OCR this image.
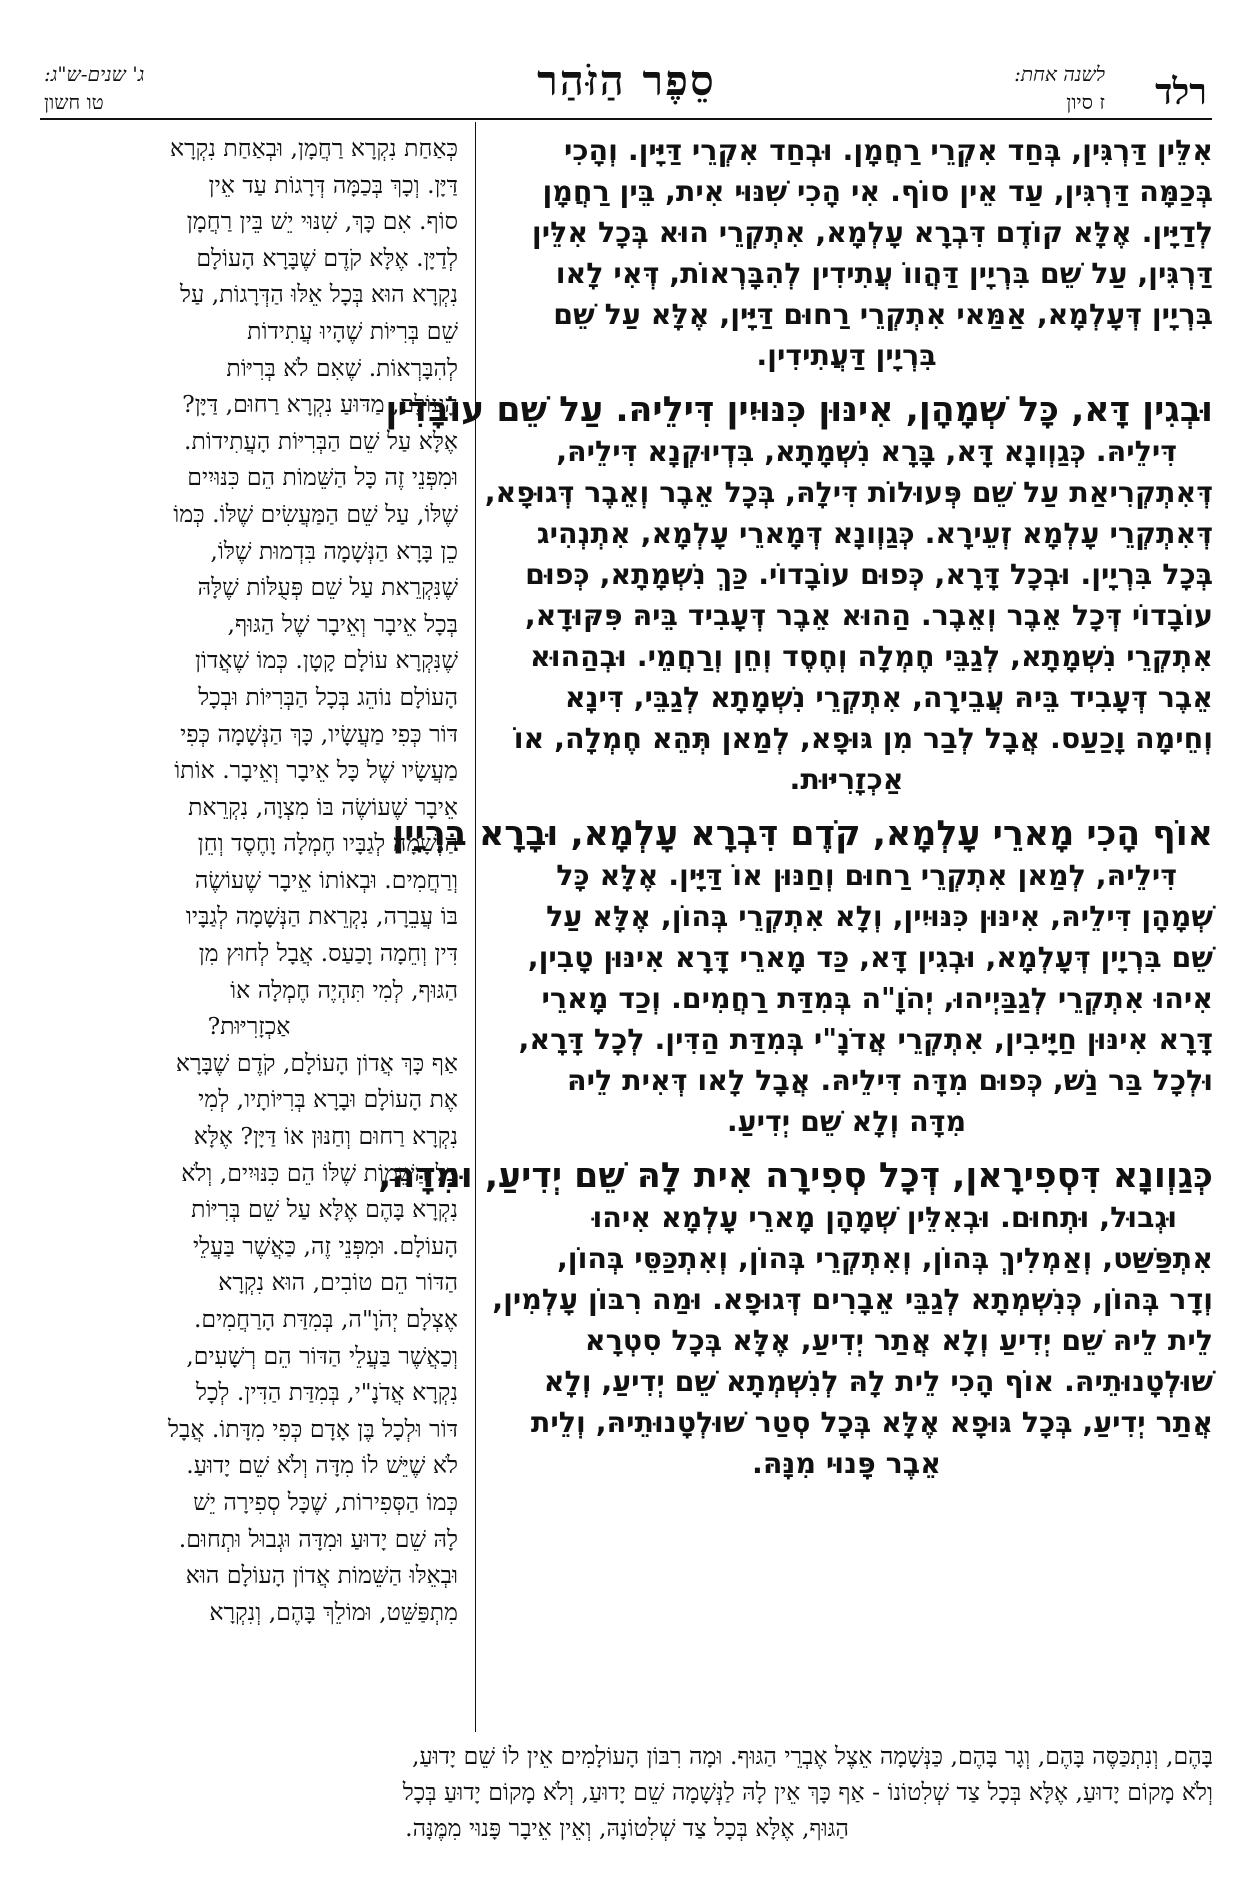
רלד
לשנה אחת:
ז סיון
סֵפֶר הַזֹּהַר
ג' שנים-ש"ג:
טו חשון
אִלֵּין דַּרְגִּין, בְּחַד אִקְרֵי רַחֲמָן. וּבְחַד אִקְרֵי דַּיָּין. וְהָכִי
בְּכַמָּה דַּרְגִּין, עַד אֵין סוֹף. אִי הָכִי שִׁנּוּי אִית, בֵּין רַחֲמָן
לְדַיָּין. אֶלָּא קוֹדֶם דִּבְרָא עָלְמָא, אִתְקְרֵי הוּא בְּכָל אִלֵּין
דַּרְגִּין, עַל שֵׁם בִּרְיָין דַּהֲווֹ עֲתִידִין לְהִבָּרְאוֹת, דְּאִי לָאו
בִּרְיָין דְּעָלְמָא, אַמַּאי אִתְקְרֵי רַחוּם דַּיָּין, אֶלָּא עַל שֵׁם
בִּרְיָין דַּעֲתִידִין.
וּבְגִין דָּא, כָּל שְׁמָהָן, אִינּוּן כִּנּוּיִין דִּילֵיהּ. עַל שֵׁם עוֹבָדִין
דִּילֵיהּ. כְּגַוְונָא דָּא, בָּרָא נִשְׁמָתָא, בִּדְיוּקְנָא דִּילֵיהּ,
דְּאִתְקְרִיאַת עַל שֵׁם פְּעוּלוֹת דִּילָהּ, בְּכָל אֵבֶר וְאֵבֶר דְּגוּפָא,
דְּאִתְקְרֵי עָלְמָא זְעֵירָא. כְּגַוְונָא דְּמָארֵי עָלְמָא, אִתְנְהִיג
בְּכָל בִּרְיָין. וּבְכָל דָּרָא, כְּפוּם עוֹבָדוֹי. כַּךְ נִשְׁמָתָא, כְּפוּם
עוֹבָדוֹי דְּכָל אֵבֶר וְאֵבֶר. הַהוּא אֵבֶר דְּעָבִיד בֵּיהּ פִּקּוּדָא,
אִתְקְרֵי נִשְׁמָתָא, לְגַבֵּי חֶמְלָה וְחֶסֶד וְחֵן וְרַחֲמֵי. וּבְהַהוּא
אֵבֶר דְּעָבִיד בֵּיהּ עֲבֵירָה, אִתְקְרֵי נִשְׁמָתָא לְגַבֵּי, דִּינָא
וְחֵימָה וָכַעַס. אֲבָל לְבַר מִן גּוּפָא, לְמַאן תְּהֵא חֶמְלָה, אוֹ
אַכְזָרִיּוּת.
אוֹף הָכִי מָארֵי עָלְמָא, קֹדֶם דִּבְרָא עָלְמָא, וּבָרָא בִּרְיָין
דִּילֵיהּ, לְמַאן אִתְקְרֵי רַחוּם וְחַנּוּן אוֹ דַּיָּין. אֶלָּא כָּל
שְׁמָהָן דִּילֵיהּ, אִינּוּן כִּנּוּיִין, וְלָא אִתְקְרֵי בְּהוֹן, אֶלָּא עַל
שֵׁם בִּרְיָין דְּעָלְמָא, וּבְגִין דָּא, כַּד מָארֵי דָּרָא אִינּוּן טָבִין,
אִיהוּ אִתְקְרֵי לְגַבַּיְיהוּ, יְהֹוָ"ה בְּמִדַּת רַחֲמִים. וְכַד מָארֵי
דָּרָא אִינּוּן חַיָּיבִין, אִתְקְרֵי אֲדֹנָ"י בְּמִדַּת הַדִּין. לְכָל דָּרָא,
וּלְכָל בַּר נַשׁ, כְּפוּם מִדָּה דִּילֵיהּ. אֲבָל לָאו דְּאִית לֵיהּ
מִדָּה וְלָא שֵׁם יְדִיעַ.
כְּגַוְונָא דִּסְפִירָאן, דְּכָל סְפִירָה אִית לָהּ שֵׁם יְדִיעַ, וּמִדָּה,
וּגְבוּל, וּתְחוּם. וּבְאִלֵּין שְׁמָהָן מָארֵי עָלְמָא אִיהוּ
אִתְפַּשַּׁט, וְאַמְלִיךְ בְּהוֹן, וְאִתְקְרֵי בְּהוֹן, וְאִתְכַּסֵּי בְּהוֹן,
וְדָר בְּהוֹן, כְּנִשְׁמְתָא לְגַבֵּי אֵבָרִים דְּגוּפָא. וּמַה רִבּוֹן עָלְמִין,
לֵית לֵיהּ שֵׁם יְדִיעַ וְלָא אֲתַר יְדִיעַ, אֶלָּא בְּכָל סִטְרָא
שׁוּלְטָנוּתֵיהּ. אוֹף הָכִי לֵית לָהּ לְנִשְׁמְתָא שֵׁם יְדִיעַ, וְלָא
אֲתַר יְדִיעַ, בְּכָל גּוּפָא אֶלָּא בְּכָל סְטַר שׁוּלְטָנוּתֵיהּ, וְלֵית
אֵבֶר פָּנוּי מִנָּהּ.
כְּאַחַת נִקְרָא רַחֲמָן, וּבְאַחַת נִקְרָא
דַּיָּן. וְכָךְ בְּכַמָּה דְּרָגוֹת עַד אֵין
סוֹף. אִם כָּךְ, שִׁנּוּי יֵשׁ בֵּין רַחֲמָן
לְדַיָּן. אֶלָּא קֹדֶם שֶׁבָּרָא הָעוֹלָם
נִקְרָא הוּא בְּכָל אֵלּוּ הַדְּרָגוֹת, עַל
שֵׁם בְּרִיּוֹת שֶׁהָיוּ עֲתִידוֹת
לְהִבָּרְאוֹת. שֶׁאִם לֹא בְּרִיּוֹת
הָעוֹלָם, מַדּוּעַ נִקְרָא רַחוּם, דַּיָּן?
אֶלָּא עַל שֵׁם הַבְּרִיּוֹת הָעֲתִידוֹת.
וּמִפְּנֵי זֶה כָּל הַשֵּׁמוֹת הֵם כִּנּוּיִים
שֶׁלּוֹ, עַל שֵׁם הַמַּעֲשִׂים שֶׁלּוֹ. כְּמוֹ
כֵן בָּרָא הַנְּשָׁמָה בִּדְמוּת שֶׁלּוֹ,
שֶׁנִּקְרֵאת עַל שֵׁם פְּעֻלּוֹת שֶׁלָּהּ
בְּכָל אֵיבָר וְאֵיבָר שֶׁל הַגּוּף,
שֶׁנִּקְרָא עוֹלָם קָטָן. כְּמוֹ שֶׁאֲדוֹן
הָעוֹלָם נוֹהֵג בְּכָל הַבְּרִיּוֹת וּבְכָל
דּוֹר כְּפִי מַעֲשָׂיו, כָּךְ הַנְּשָׁמָה כְּפִי
מַעֲשָׂיו שֶׁל כָּל אֵיבָר וְאֵיבָר. אוֹתוֹ
אֵיבָר שֶׁעוֹשֶׂה בּוֹ מִצְוָה, נִקְרֵאת
הַנְּשָׁמָה לְגַבָּיו חֶמְלָה וָחֶסֶד וְחֵן
וְרַחֲמִים. וּבְאוֹתוֹ אֵיבָר שֶׁעוֹשֶׂה
בּוֹ עֲבֵרָה, נִקְרֵאת הַנְּשָׁמָה לְגַבָּיו
דִּין וְחֵמָה וָכַעַס. אֲבָל לְחוּץ מִן
הַגּוּף, לְמִי תִּהְיֶה חֶמְלָה אוֹ
אַכְזָרִיּוּת?
אַף כָּךְ אֲדוֹן הָעוֹלָם, קֹדֶם שֶׁבָּרָא
אֶת הָעוֹלָם וּבָרָא בְּרִיּוֹתָיו, לְמִי
נִקְרָא רַחוּם וְחַנּוּן אוֹ דַּיָּן? אֶלָּא
כָּל הַשֵּׁמוֹת שֶׁלּוֹ הֵם כִּנּוּיִים, וְלֹא
נִקְרָא בָּהֶם אֶלָּא עַל שֵׁם בְּרִיּוֹת
הָעוֹלָם. וּמִפְּנֵי זֶה, כַּאֲשֶׁר בַּעֲלֵי
הַדּוֹר הֵם טוֹבִים, הוּא נִקְרָא
אֶצְלָם יְהֹוָ"ה, בְּמִדַּת הָרַחֲמִים.
וְכַאֲשֶׁר בַּעֲלֵי הַדּוֹר הֵם רְשָׁעִים,
נִקְרָא אֲדֹנָ"י, בְּמִדַּת הַדִּין. לְכָל
דּוֹר וּלְכָל בֶּן אָדָם כְּפִי מִדָּתוֹ. אֲבָל
לֹא שֶׁיֵּשׁ לוֹ מִדָּה וְלֹא שֵׁם יָדוּעַ.
כְּמוֹ הַסְּפִירוֹת, שֶׁכָּל סְפִירָה יֵשׁ
לָהּ שֵׁם יָדוּעַ וּמִדָּה וּגְבוּל וּתְחוּם.
וּבְאֵלּוּ הַשֵּׁמוֹת אֲדוֹן הָעוֹלָם הוּא
מִתְפַּשֵּׁט, וּמוֹלֵךְ בָּהֶם, וְנִקְרָא
בָּהֶם, וְנִתְכַּסֶּה בָּהֶם, וְגָר בָּהֶם, כַּנְּשָׁמָה אֵצֶל אֶבְרֵי הַגּוּף. וּמָה רִבּוֹן הָעוֹלָמִים אֵין לוֹ שֵׁם יָדוּעַ,
וְלֹא מָקוֹם יָדוּעַ, אֶלָּא בְּכָל צַד שְׁלִטוֹנוֹ - אַף כָּךְ אֵין לָהּ לַנְּשָׁמָה שֵׁם יָדוּעַ, וְלֹא מָקוֹם יָדוּעַ בְּכָל
הַגּוּף, אֶלָּא בְּכָל צַד שְׁלִטוֹנָהּ, וְאֵין אֵיבָר פָּנוּי מִמֶּנָּה.
